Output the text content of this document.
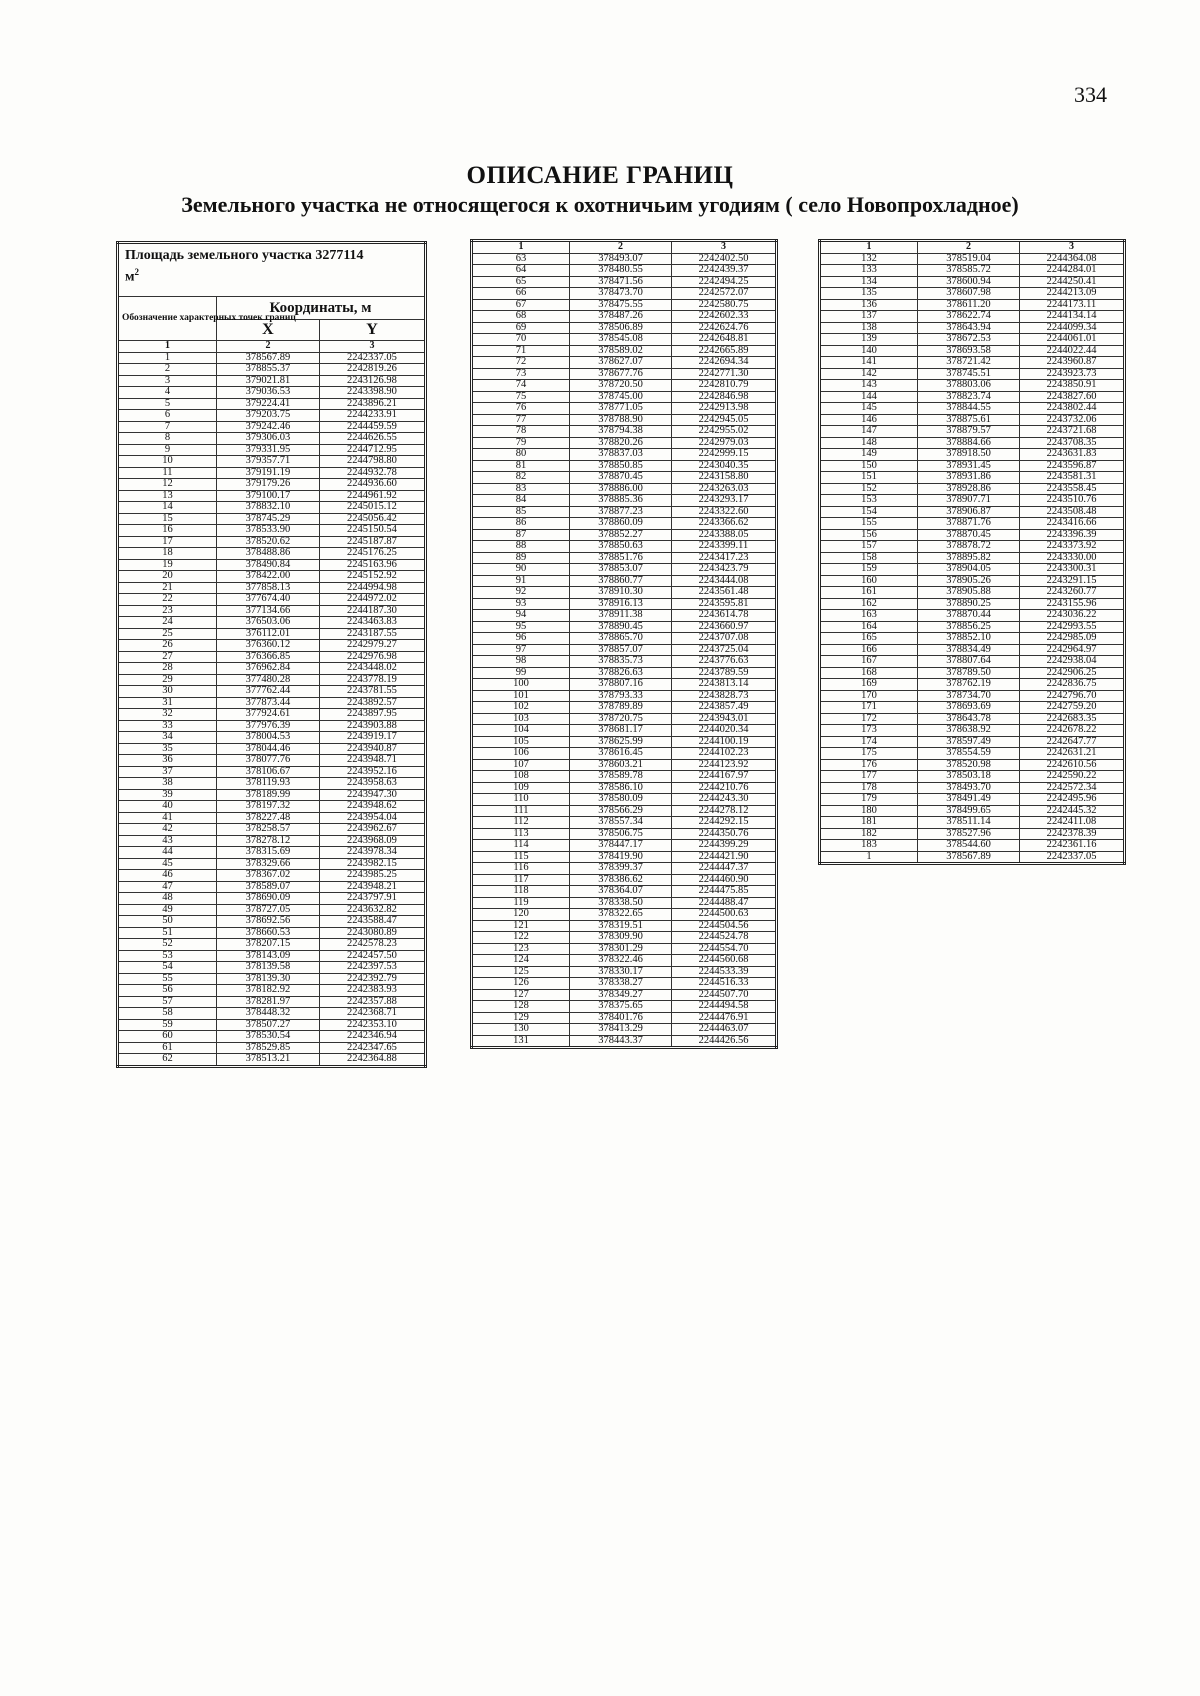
334
ОПИСАНИЕ ГРАНИЦ
Земельного участка не относящегося к охотничьим угодиям ( село Новопрохладное)
Площадь земельного участка 3277114
$м^2$
Обозначение характерных точек границ	Координаты, м	
	X	Y
1	2	3
1	378567.89	2242337.05
2	378855.37	2242819.26
3	379021.81	2243126.98
4	379036.53	2243398.90
5	379224.41	2243896.21
6	379203.75	2244233.91
7	379242.46	2244459.59
8	379306.03	2244626.55
9	379331.95	2244712.95
10	379357.71	2244798.80
11	379191.19	2244932.78
12	379179.26	2244936.60
13	379100.17	2244961.92
14	378832.10	2245015.12
15	378745.29	2245056.42
16	378533.90	2245150.54
17	378520.62	2245187.87
18	378488.86	2245176.25
19	378490.84	2245163.96
20	378422.00	2245152.92
21	377858.13	2244994.98
22	377674.40	2244972.02
23	377134.66	2244187.30
24	376503.06	2243463.83
25	376112.01	2243187.55
26	376360.12	2242979.27
27	376366.85	2242976.98
28	376962.84	2243448.02
29	377480.28	2243778.19
30	377762.44	2243781.55
31	377873.44	2243892.57
32	377924.61	2243897.95
33	377976.39	2243903.88
34	378004.53	2243919.17
35	378044.46	2243940.87
36	378077.76	2243948.71
37	378106.67	2243952.16
38	378119.93	2243958.63
39	378189.99	2243947.30
40	378197.32	2243948.62
41	378227.48	2243954.04
42	378258.57	2243962.67
43	378278.12	2243968.09
44	378315.69	2243978.34
45	378329.66	2243982.15
46	378367.02	2243985.25
47	378589.07	2243948.21
48	378690.09	2243797.91
49	378727.05	2243632.82
50	378692.56	2243588.47
51	378660.53	2243080.89
52	378207.15	2242578.23
53	378143.09	2242457.50
54	378139.58	2242397.53
55	378139.30	2242392.79
56	378182.92	2242383.93
57	378281.97	2242357.88
58	378448.32	2242368.71
59	378507.27	2242353.10
60	378530.54	2242346.94
61	378529.85	2242347.65
62	378513.21	2242364.88
1	2	3
63	378493.07	2242402.50
64	378480.55	2242439.37
65	378471.56	2242494.25
66	378473.70	2242572.07
67	378475.55	2242580.75
68	378487.26	2242602.33
69	378506.89	2242624.76
70	378545.08	2242648.81
71	378589.02	2242665.89
72	378627.07	2242694.34
73	378677.76	2242771.30
74	378720.50	2242810.79
75	378745.00	2242846.98
76	378771.05	2242913.98
77	378788.90	2242945.05
78	378794.38	2242955.02
79	378820.26	2242979.03
80	378837.03	2242999.15
81	378850.85	2243040.35
82	378870.45	2243158.80
83	378886.00	2243263.03
84	378885.36	2243293.17
85	378877.23	2243322.60
86	378860.09	2243366.62
87	378852.27	2243388.05
88	378850.63	2243399.11
89	378851.76	2243417.23
90	378853.07	2243423.79
91	378860.77	2243444.08
92	378910.30	2243561.48
93	378916.13	2243595.81
94	378911.38	2243614.78
95	378890.45	2243660.97
96	378865.70	2243707.08
97	378857.07	2243725.04
98	378835.73	2243776.63
99	378826.63	2243789.59
100	378807.16	2243813.14
101	378793.33	2243828.73
102	378789.89	2243857.49
103	378720.75	2243943.01
104	378681.17	2244020.34
105	378625.99	2244100.19
106	378616.45	2244102.23
107	378603.21	2244123.92
108	378589.78	2244167.97
109	378586.10	2244210.76
110	378580.09	2244243.30
111	378566.29	2244278.12
112	378557.34	2244292.15
113	378506.75	2244350.76
114	378447.17	2244399.29
115	378419.90	2244421.90
116	378399.37	2244447.37
117	378386.62	2244460.90
118	378364.07	2244475.85
119	378338.50	2244488.47
120	378322.65	2244500.63
121	378319.51	2244504.56
122	378309.90	2244524.78
123	378301.29	2244554.70
124	378322.46	2244560.68
125	378330.17	2244533.39
126	378338.27	2244516.33
127	378349.27	2244507.70
128	378375.65	2244494.58
129	378401.76	2244476.91
130	378413.29	2244463.07
131	378443.37	2244426.56
1	2	3
132	378519.04	2244364.08
133	378585.72	2244284.01
134	378600.94	2244250.41
135	378607.98	2244213.09
136	378611.20	2244173.11
137	378622.74	2244134.14
138	378643.94	2244099.34
139	378672.53	2244061.01
140	378693.58	2244022.44
141	378721.42	2243960.87
142	378745.51	2243923.73
143	378803.06	2243850.91
144	378823.74	2243827.60
145	378844.55	2243802.44
146	378875.61	2243732.06
147	378879.57	2243721.68
148	378884.66	2243708.35
149	378918.50	2243631.83
150	378931.45	2243596.87
151	378931.86	2243581.31
152	378928.86	2243558.45
153	378907.71	2243510.76
154	378906.87	2243508.48
155	378871.76	2243416.66
156	378870.45	2243396.39
157	378878.72	2243373.92
158	378895.82	2243330.00
159	378904.05	2243300.31
160	378905.26	2243291.15
161	378905.88	2243260.77
162	378890.25	2243155.96
163	378870.44	2243036.22
164	378856.25	2242993.55
165	378852.10	2242985.09
166	378834.49	2242964.97
167	378807.64	2242938.04
168	378789.50	2242906.25
169	378762.19	2242836.75
170	378734.70	2242796.70
171	378693.69	2242759.20
172	378643.78	2242683.35
173	378638.92	2242678.22
174	378597.49	2242647.77
175	378554.59	2242631.21
176	378520.98	2242610.56
177	378503.18	2242590.22
178	378493.70	2242572.34
179	378491.49	2242495.96
180	378499.65	2242445.32
181	378511.14	2242411.08
182	378527.96	2242378.39
183	378544.60	2242361.16
1	378567.89	2242337.05
